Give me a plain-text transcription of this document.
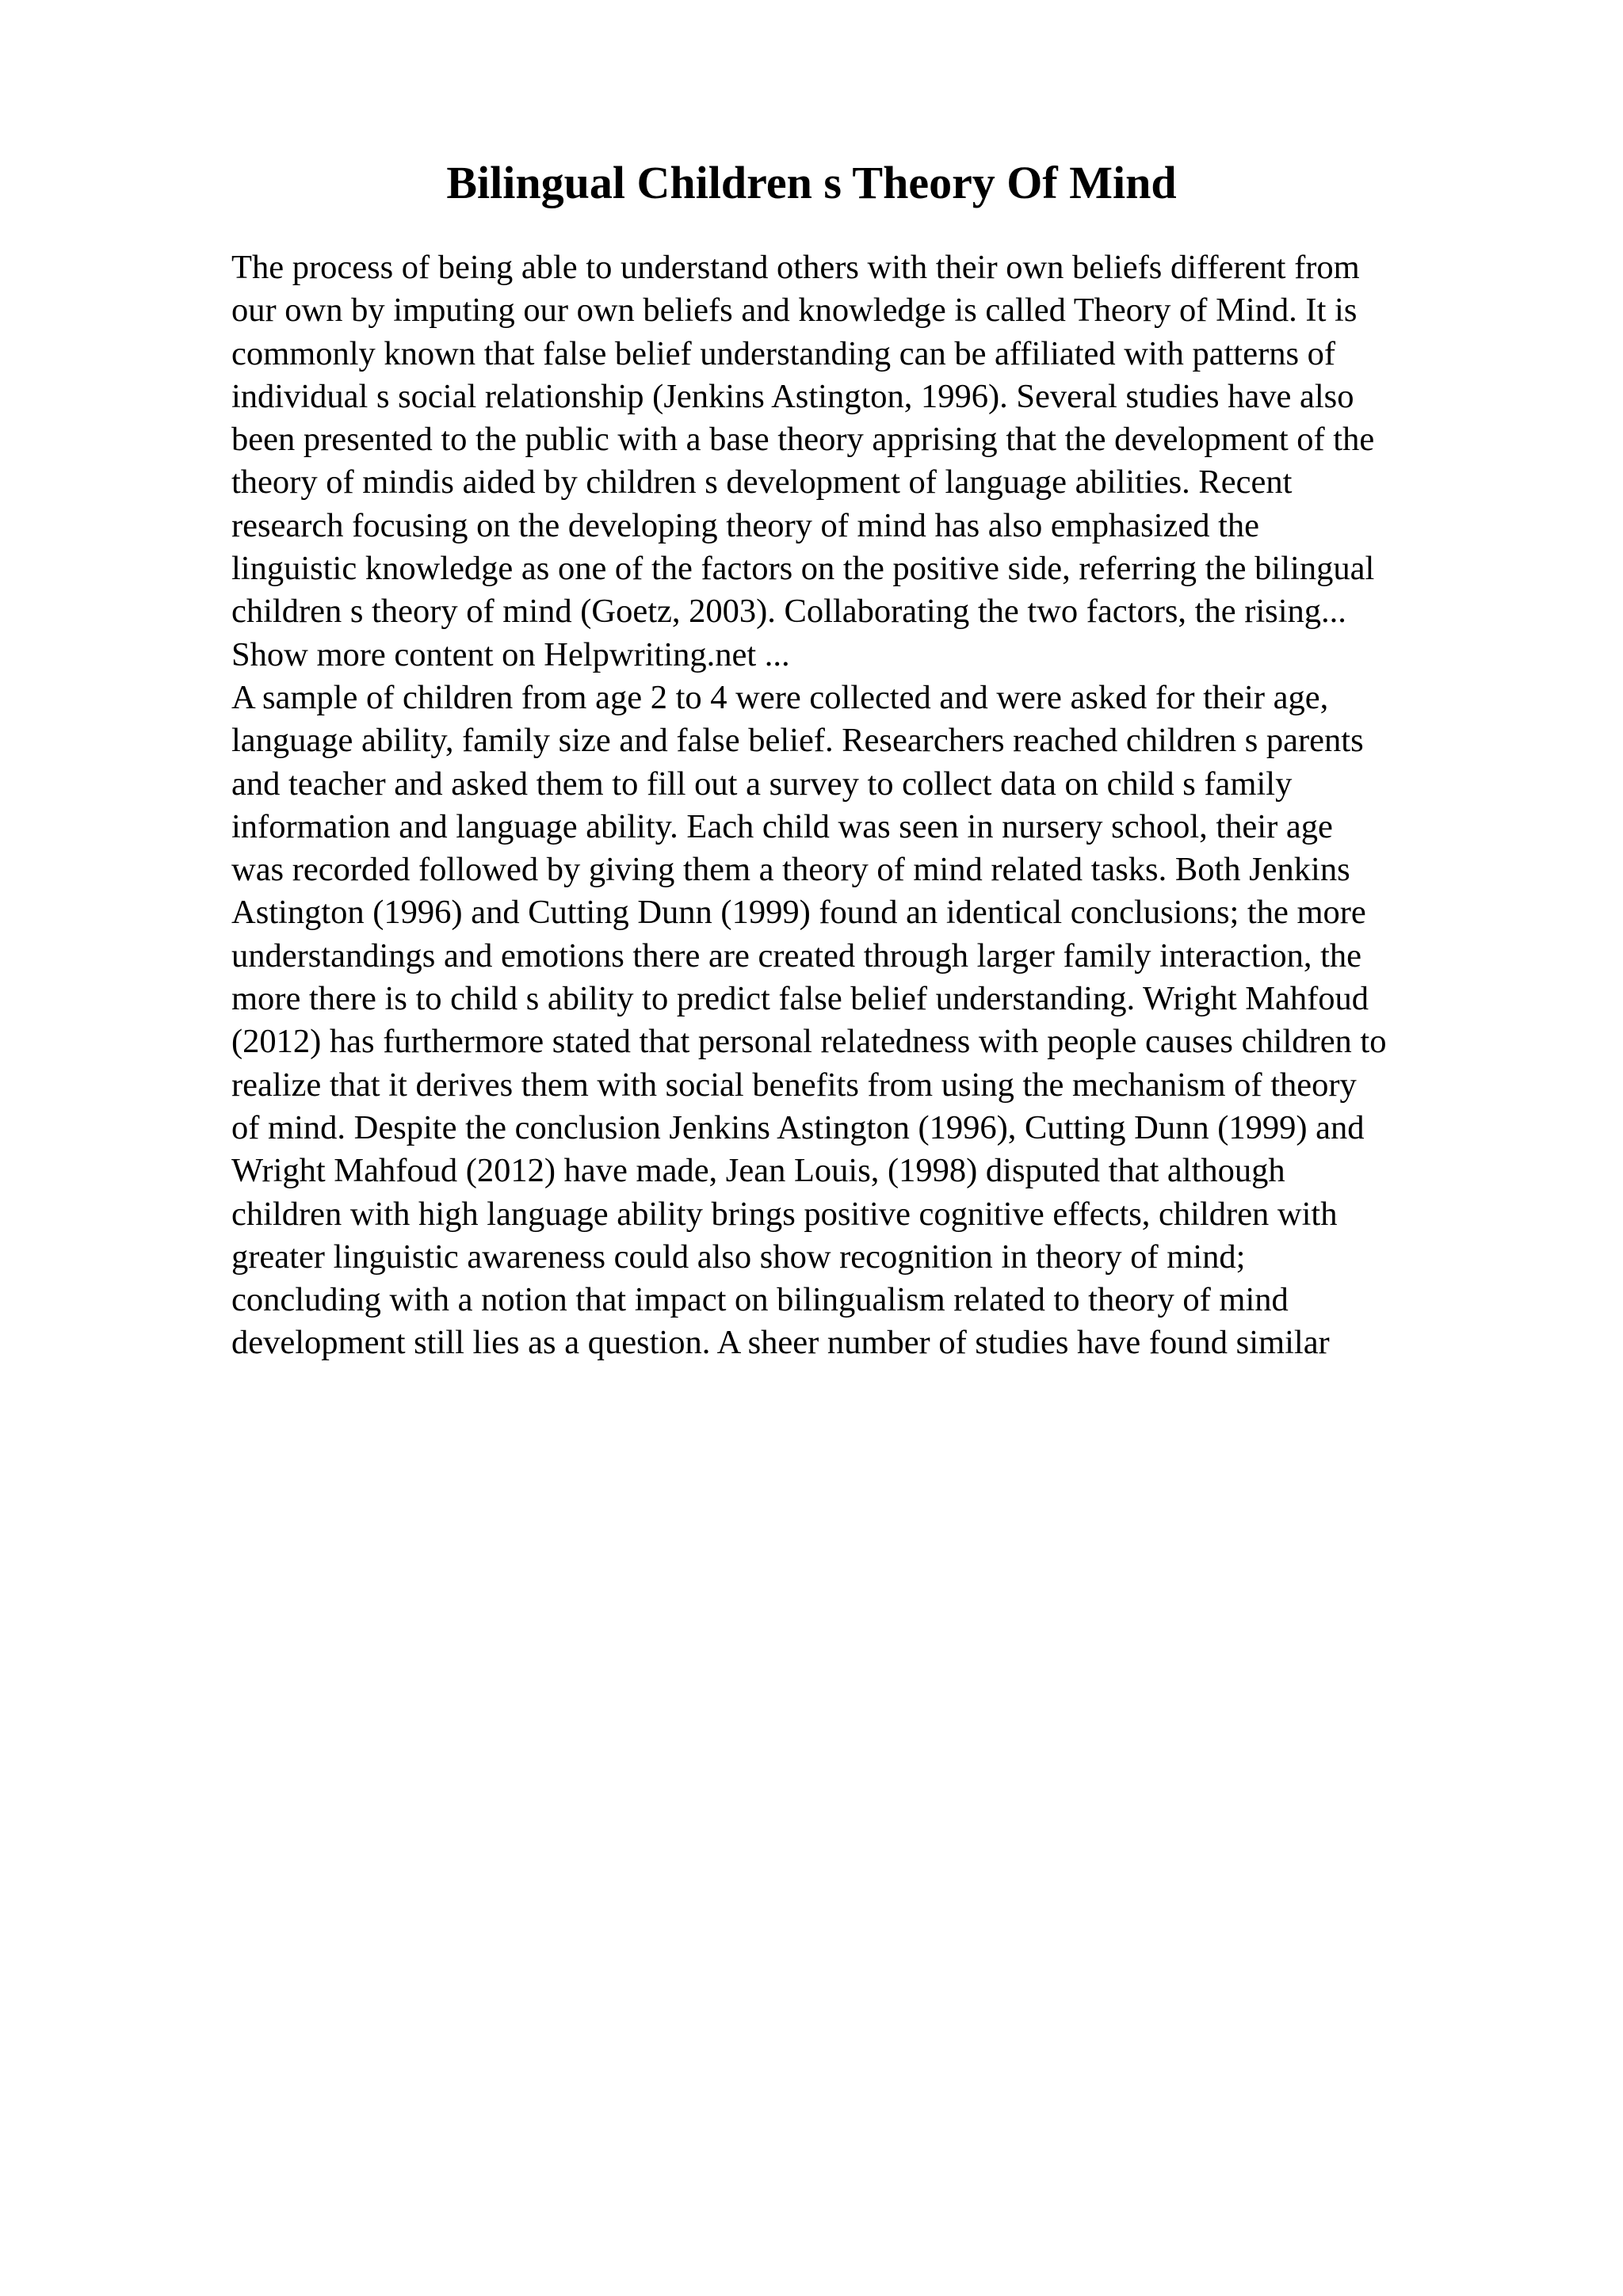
Bilingual Children s Theory Of Mind
The process of being able to understand others with their own beliefs different from
our own by imputing our own beliefs and knowledge is called Theory of Mind. It is
commonly known that false belief understanding can be affiliated with patterns of
individual s social relationship (Jenkins Astington, 1996). Several studies have also
been presented to the public with a base theory apprising that the development of the
theory of mindis aided by children s development of language abilities. Recent
research focusing on the developing theory of mind has also emphasized the
linguistic knowledge as one of the factors on the positive side, referring the bilingual
children s theory of mind (Goetz, 2003). Collaborating the two factors, the rising...
Show more content on Helpwriting.net ...
A sample of children from age 2 to 4 were collected and were asked for their age,
language ability, family size and false belief. Researchers reached children s parents
and teacher and asked them to fill out a survey to collect data on child s family
information and language ability. Each child was seen in nursery school, their age
was recorded followed by giving them a theory of mind related tasks. Both Jenkins
Astington (1996) and Cutting Dunn (1999) found an identical conclusions; the more
understandings and emotions there are created through larger family interaction, the
more there is to child s ability to predict false belief understanding. Wright Mahfoud
(2012) has furthermore stated that personal relatedness with people causes children to
realize that it derives them with social benefits from using the mechanism of theory
of mind. Despite the conclusion Jenkins Astington (1996), Cutting Dunn (1999) and
Wright Mahfoud (2012) have made, Jean Louis, (1998) disputed that although
children with high language ability brings positive cognitive effects, children with
greater linguistic awareness could also show recognition in theory of mind;
concluding with a notion that impact on bilingualism related to theory of mind
development still lies as a question. A sheer number of studies have found similar
